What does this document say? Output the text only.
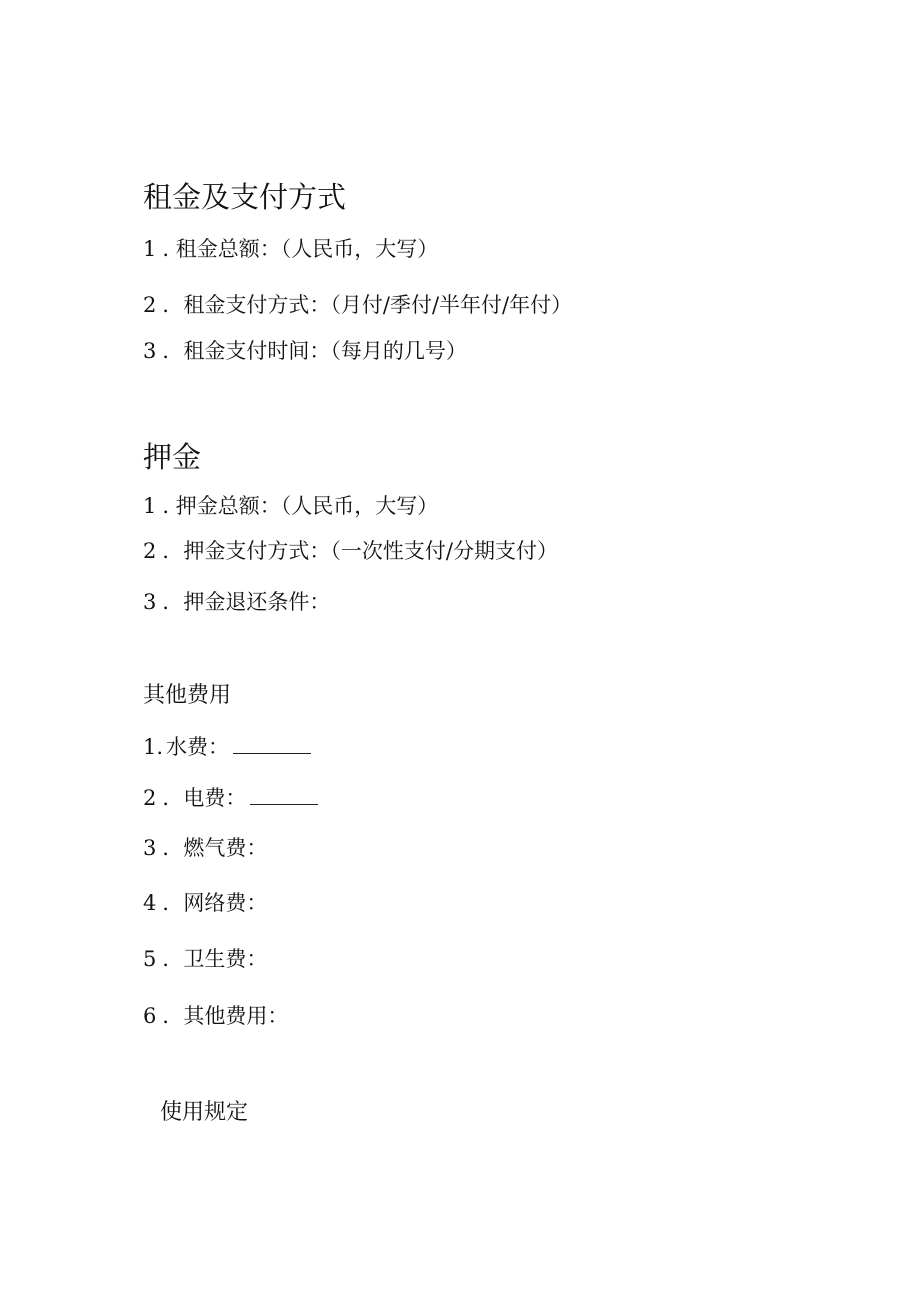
租金及支付方式
1 . 租金总额：（人民币，大写）
2 ．租金支付方式：（月付/季付/半年付/年付）
3 ．租金支付时间：（每月的几号）
押金
1 . 押金总额：（人民币，大写）
2 ．押金支付方式：（一次性支付/分期支付）
3 ．押金退还条件：
其他费用
1. 水费：
2 ．电费：
3 ．燃气费：
4 ．网络费：
5 ．卫生费：
6 ．其他费用：
使用规定
